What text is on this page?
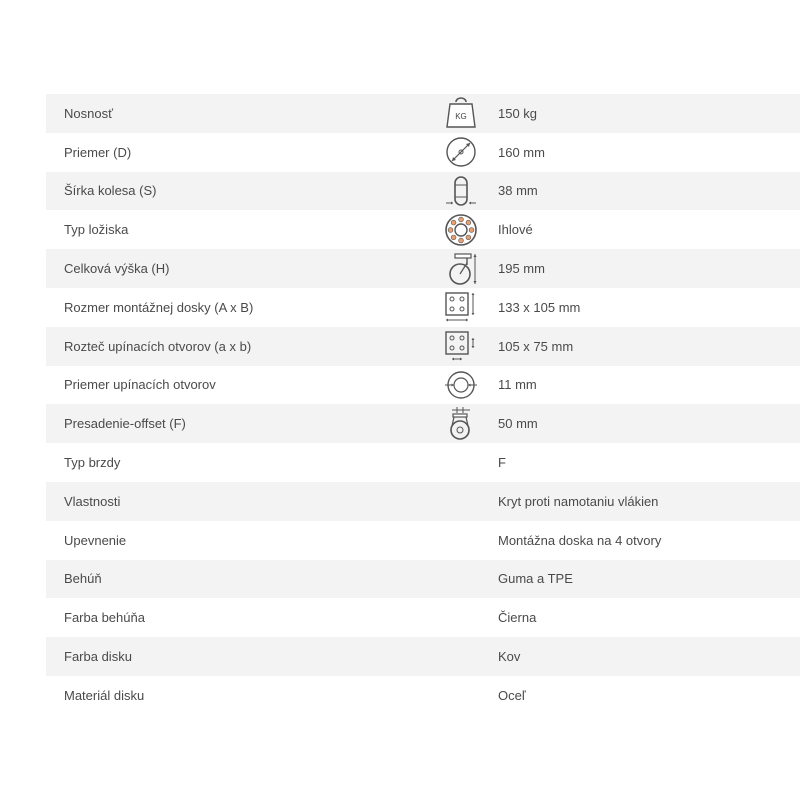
Nosnosť	KG 150 kg
Priemer (D)	160 mm
Šírka kolesa (S)	38 mm
Typ ložiska	Ihlové
Celková výška (H)	195 mm
Rozmer montážnej dosky (A x B)	133 x 105 mm
Rozteč upínacích otvorov (a x b)	105 x 75 mm
Priemer upínacích otvorov	11 mm
Presadenie-offset (F)	50 mm
Typ brzdy	F
Vlastnosti	Kryt proti namotaniu vlákien
Upevnenie	Montážna doska na 4 otvory
Behúň	Guma a TPE
Farba behúňa	Čierna
Farba disku	Kov
Materiál disku	Oceľ
